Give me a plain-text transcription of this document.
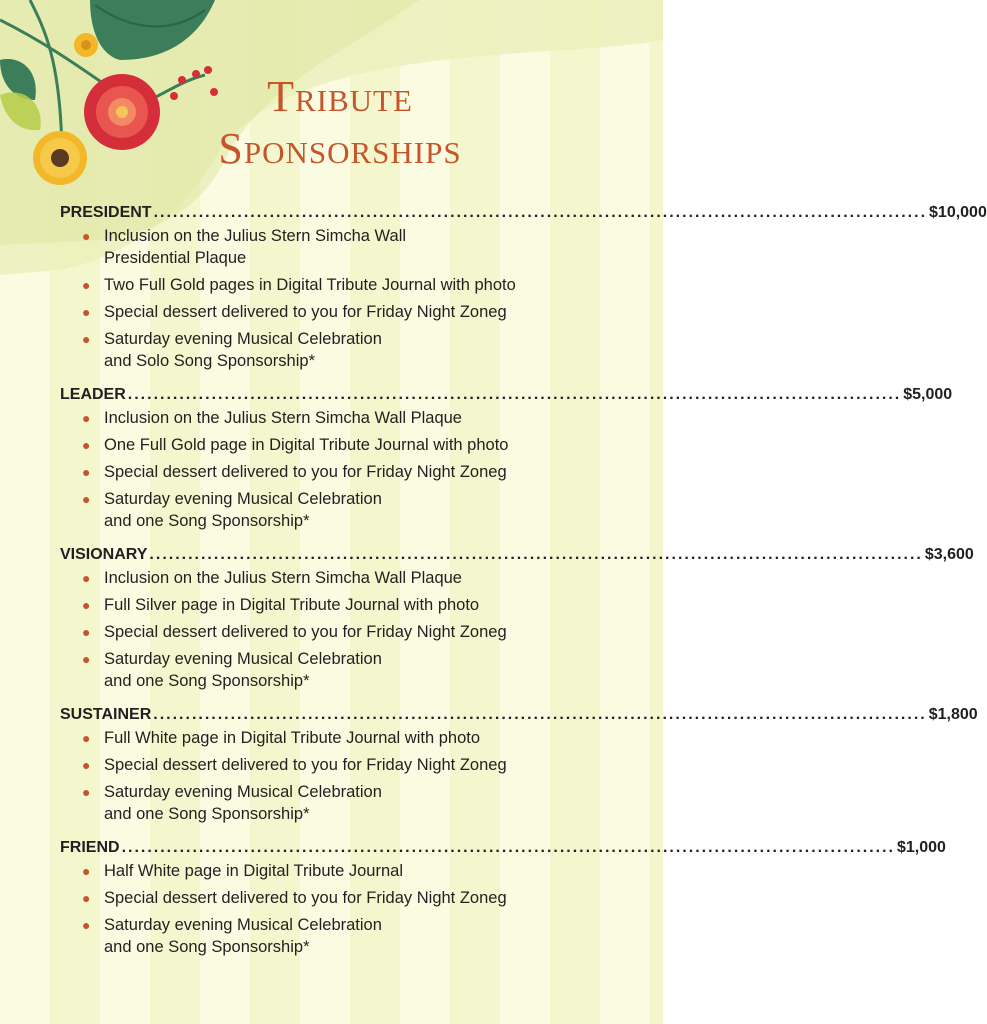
Tribute
Sponsorships
PRESIDENT ........................................................................................................................ $10,000
● Inclusion on the Julius Stern Simcha Wall
Presidential Plaque
● Two Full Gold pages in Digital Tribute Journal with photo
● Special dessert delivered to you for Friday Night Zoneg
● Saturday evening Musical Celebration
and Solo Song Sponsorship*
LEADER ........................................................................................................................ $5,000
● Inclusion on the Julius Stern Simcha Wall Plaque
● One Full Gold page in Digital Tribute Journal with photo
● Special dessert delivered to you for Friday Night Zoneg
● Saturday evening Musical Celebration
and one Song Sponsorship*
VISIONARY ........................................................................................................................ $3,600
● Inclusion on the Julius Stern Simcha Wall Plaque
● Full Silver page in Digital Tribute Journal with photo
● Special dessert delivered to you for Friday Night Zoneg
● Saturday evening Musical Celebration
and one Song Sponsorship*
SUSTAINER ........................................................................................................................ $1,800
● Full White page in Digital Tribute Journal with photo
● Special dessert delivered to you for Friday Night Zoneg
● Saturday evening Musical Celebration
and one Song Sponsorship*
FRIEND ........................................................................................................................ $1,000
● Half White page in Digital Tribute Journal
● Special dessert delivered to you for Friday Night Zoneg
● Saturday evening Musical Celebration
and one Song Sponsorship*
